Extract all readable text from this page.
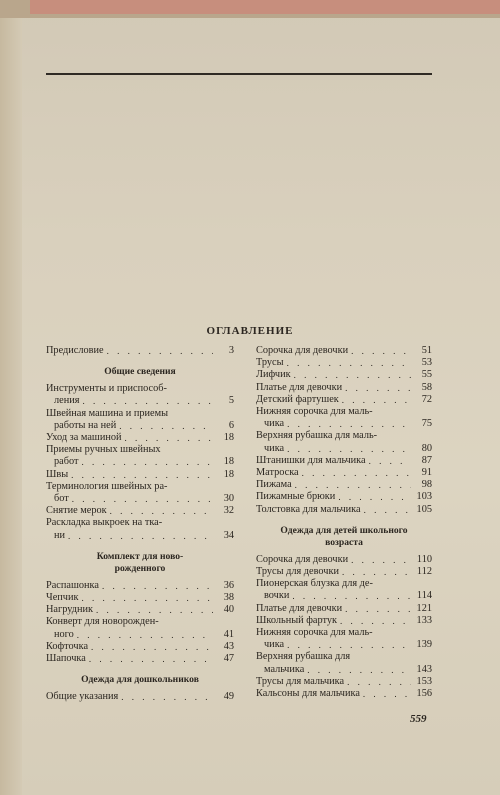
ОГЛАВЛЕНИЕ
Предисловие . . .	3
Общие сведения
Инструменты и приспособ-
ления . . .	5
Швейная машина и приемы
работы на ней . . .	6
Уход за машиной . . .	18
Приемы ручных швейных
работ . . .	18
Швы . . .	18
Терминология швейных ра-
бот . . .	30
Снятие мерок . . .	32
Раскладка выкроек на тка-
ни . . .	34
Комплект для ново-
рожденного
Распашонка . . .	36
Чепчик . . .	38
Нагрудник . . .	40
Конверт для новорожден-
ного . . .	41
Кофточка . . .	43
Шапочка . . .	47
Одежда для дошкольников
Общие указания . . .	49
Сорочка для девочки . . .	51
Трусы . . .	53
Лифчик . . .	55
Платье для девочки . . .	58
Детский фартушек . . .	72
Нижняя сорочка для маль-
чика . . .	75
Верхняя рубашка для маль-
чика . . .	80
Штанишки для мальчика . . .	87
Матроска . . .	91
Пижама . . .	98
Пижамные брюки . . .	103
Толстовка для мальчика . . .	105
Одежда для детей школьного
возраста
Сорочка для девочки . . .	110
Трусы для девочки . . .	112
Пионерская блузка для де-
вочки . . .	114
Платье для девочки . . .	121
Школьный фартук . . .	133
Нижняя сорочка для маль-
чика . . .	139
Верхняя рубашка для
мальчика . . .	143
Трусы для мальчика . . .	153
Кальсоны для мальчика . . .	156
559
